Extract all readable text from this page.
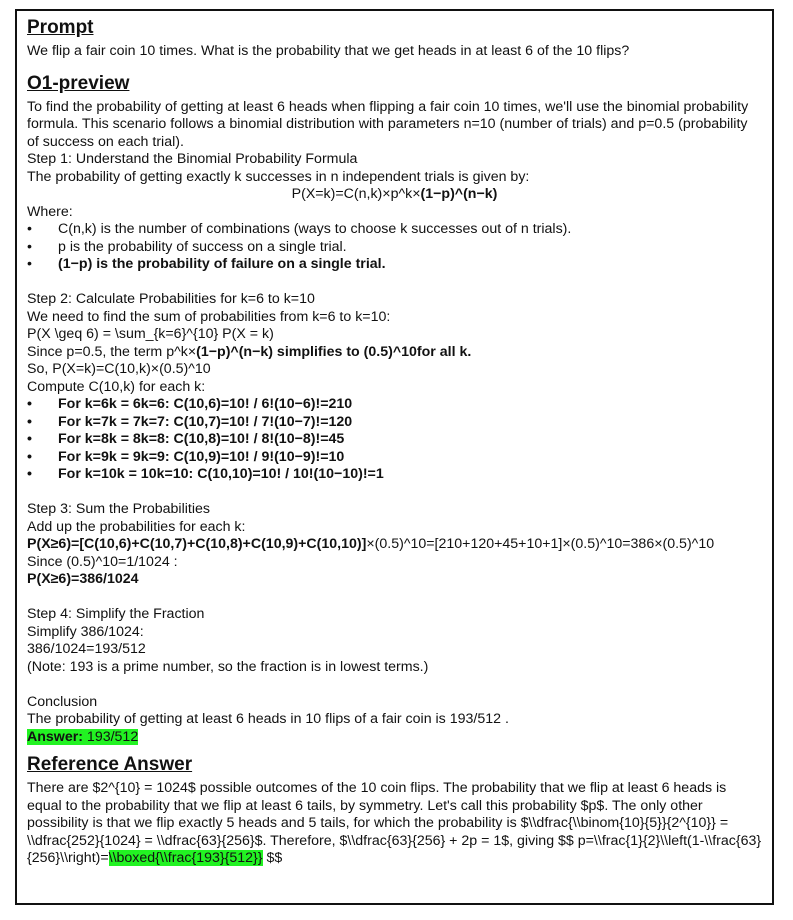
Prompt
We flip a fair coin 10 times. What is the probability that we get heads in at least 6 of the 10 flips?
O1-preview
To find the probability of getting at least 6 heads when flipping a fair coin 10 times, we'll use the binomial probability formula. This scenario follows a binomial distribution with parameters n=10 (number of trials) and p=0.5 (probability of success on each trial).
Step 1: Understand the Binomial Probability Formula
The probability of getting exactly k successes in n independent trials is given by:
P(X=k)=C(n,k)×p^k×(1−p)^(n−k)
Where:
• C(n,k) is the number of combinations (ways to choose k successes out of n trials).
• p is the probability of success on a single trial.
• (1−p) is the probability of failure on a single trial.
Step 2: Calculate Probabilities for k=6 to k=10
We need to find the sum of probabilities from k=6 to k=10:
P(X \geq 6) = \sum_{k=6}^{10} P(X = k)
Since p=0.5, the term p^k×(1−p)^(n−k) simplifies to (0.5)^10for all k.
So, P(X=k)=C(10,k)×(0.5)^10
Compute C(10,k) for each k:
• For k=6k = 6k=6: C(10,6)=10! / 6!(10−6)!=210
• For k=7k = 7k=7: C(10,7)=10! / 7!(10−7)!=120
• For k=8k = 8k=8: C(10,8)=10! / 8!(10−8)!=45
• For k=9k = 9k=9: C(10,9)=10! / 9!(10−9)!=10
• For k=10k = 10k=10: C(10,10)=10! / 10!(10−10)!=1
Step 3: Sum the Probabilities
Add up the probabilities for each k:
P(X≥6)=[C(10,6)+C(10,7)+C(10,8)+C(10,9)+C(10,10)]×(0.5)^10=[210+120+45+10+1]×(0.5)^10=386×(0.5)^10
Since (0.5)^10=1/1024 :
P(X≥6)=386/1024
Step 4: Simplify the Fraction
Simplify 386/1024:
386/1024=193/512
(Note: 193 is a prime number, so the fraction is in lowest terms.)
Conclusion
The probability of getting at least 6 heads in 10 flips of a fair coin is 193/512 .
Answer: 193/512
Reference Answer
There are $2^{10} = 1024$ possible outcomes of the 10 coin flips. The probability that we flip at least 6 heads is equal to the probability that we flip at least 6 tails, by symmetry. Let's call this probability $p$. The only other possibility is that we flip exactly 5 heads and 5 tails, for which the probability is $\\dfrac{\\binom{10}{5}}{2^{10}} = \\dfrac{252}{1024} = \\dfrac{63}{256}$. Therefore, $\\dfrac{63}{256} + 2p = 1$, giving $$ p=\\frac{1}{2}\\left(1-\\frac{63}{256}\\right)=\\boxed{\\frac{193}{512}} $$
